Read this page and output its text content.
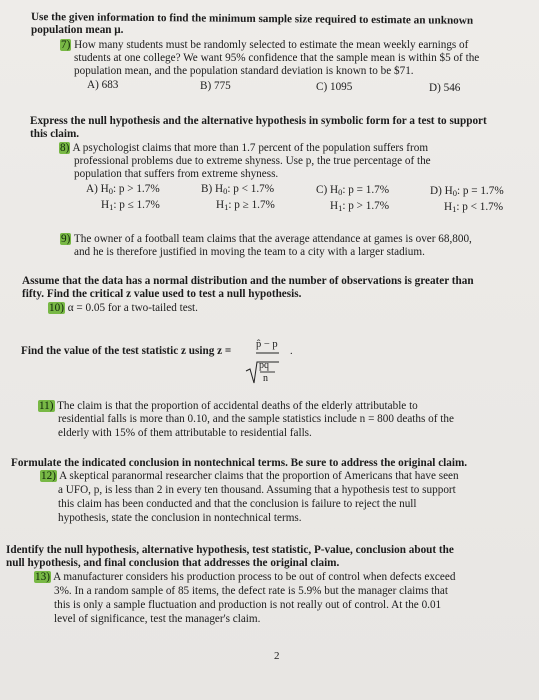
Use the given information to find the minimum sample size required to estimate an unknown
population mean μ.
7) How many students must be randomly selected to estimate the mean weekly earnings of
students at one college? We want 95% confidence that the sample mean is within $5 of the
population mean, and the population standard deviation is known to be $71.
A) 683	B) 775	C) 1095	D) 546
Express the null hypothesis and the alternative hypothesis in symbolic form for a test to support
this claim.
8) A psychologist claims that more than 1.7 percent of the population suffers from
professional problems due to extreme shyness. Use p, the true percentage of the
population that suffers from extreme shyness.
A) H0: p > 1.7%
H1: p ≤ 1.7%
B) H0: p < 1.7%
H1: p ≥ 1.7%
C) H0: p = 1.7%
H1: p > 1.7%
D) H0: p = 1.7%
H1: p < 1.7%
9) The owner of a football team claims that the average attendance at games is over 68,800,
and he is therefore justified in moving the team to a city with a larger stadium.
Assume that the data has a normal distribution and the number of observations is greater than
fifty. Find the critical z value used to test a null hypothesis.
10) α = 0.05 for a two-tailed test.
Find the value of the test statistic z using z =
p̂ − p
.
pq
n
11) The claim is that the proportion of accidental deaths of the elderly attributable to
residential falls is more than 0.10, and the sample statistics include n = 800 deaths of the
elderly with 15% of them attributable to residential falls.
Formulate the indicated conclusion in nontechnical terms. Be sure to address the original claim.
12) A skeptical paranormal researcher claims that the proportion of Americans that have seen
a UFO, p, is less than 2 in every ten thousand. Assuming that a hypothesis test to support
this claim has been conducted and that the conclusion is failure to reject the null
hypothesis, state the conclusion in nontechnical terms.
Identify the null hypothesis, alternative hypothesis, test statistic, P-value, conclusion about the
null hypothesis, and final conclusion that addresses the original claim.
13) A manufacturer considers his production process to be out of control when defects exceed
3%. In a random sample of 85 items, the defect rate is 5.9% but the manager claims that
this is only a sample fluctuation and production is not really out of control. At the 0.01
level of significance, test the manager's claim.
2
